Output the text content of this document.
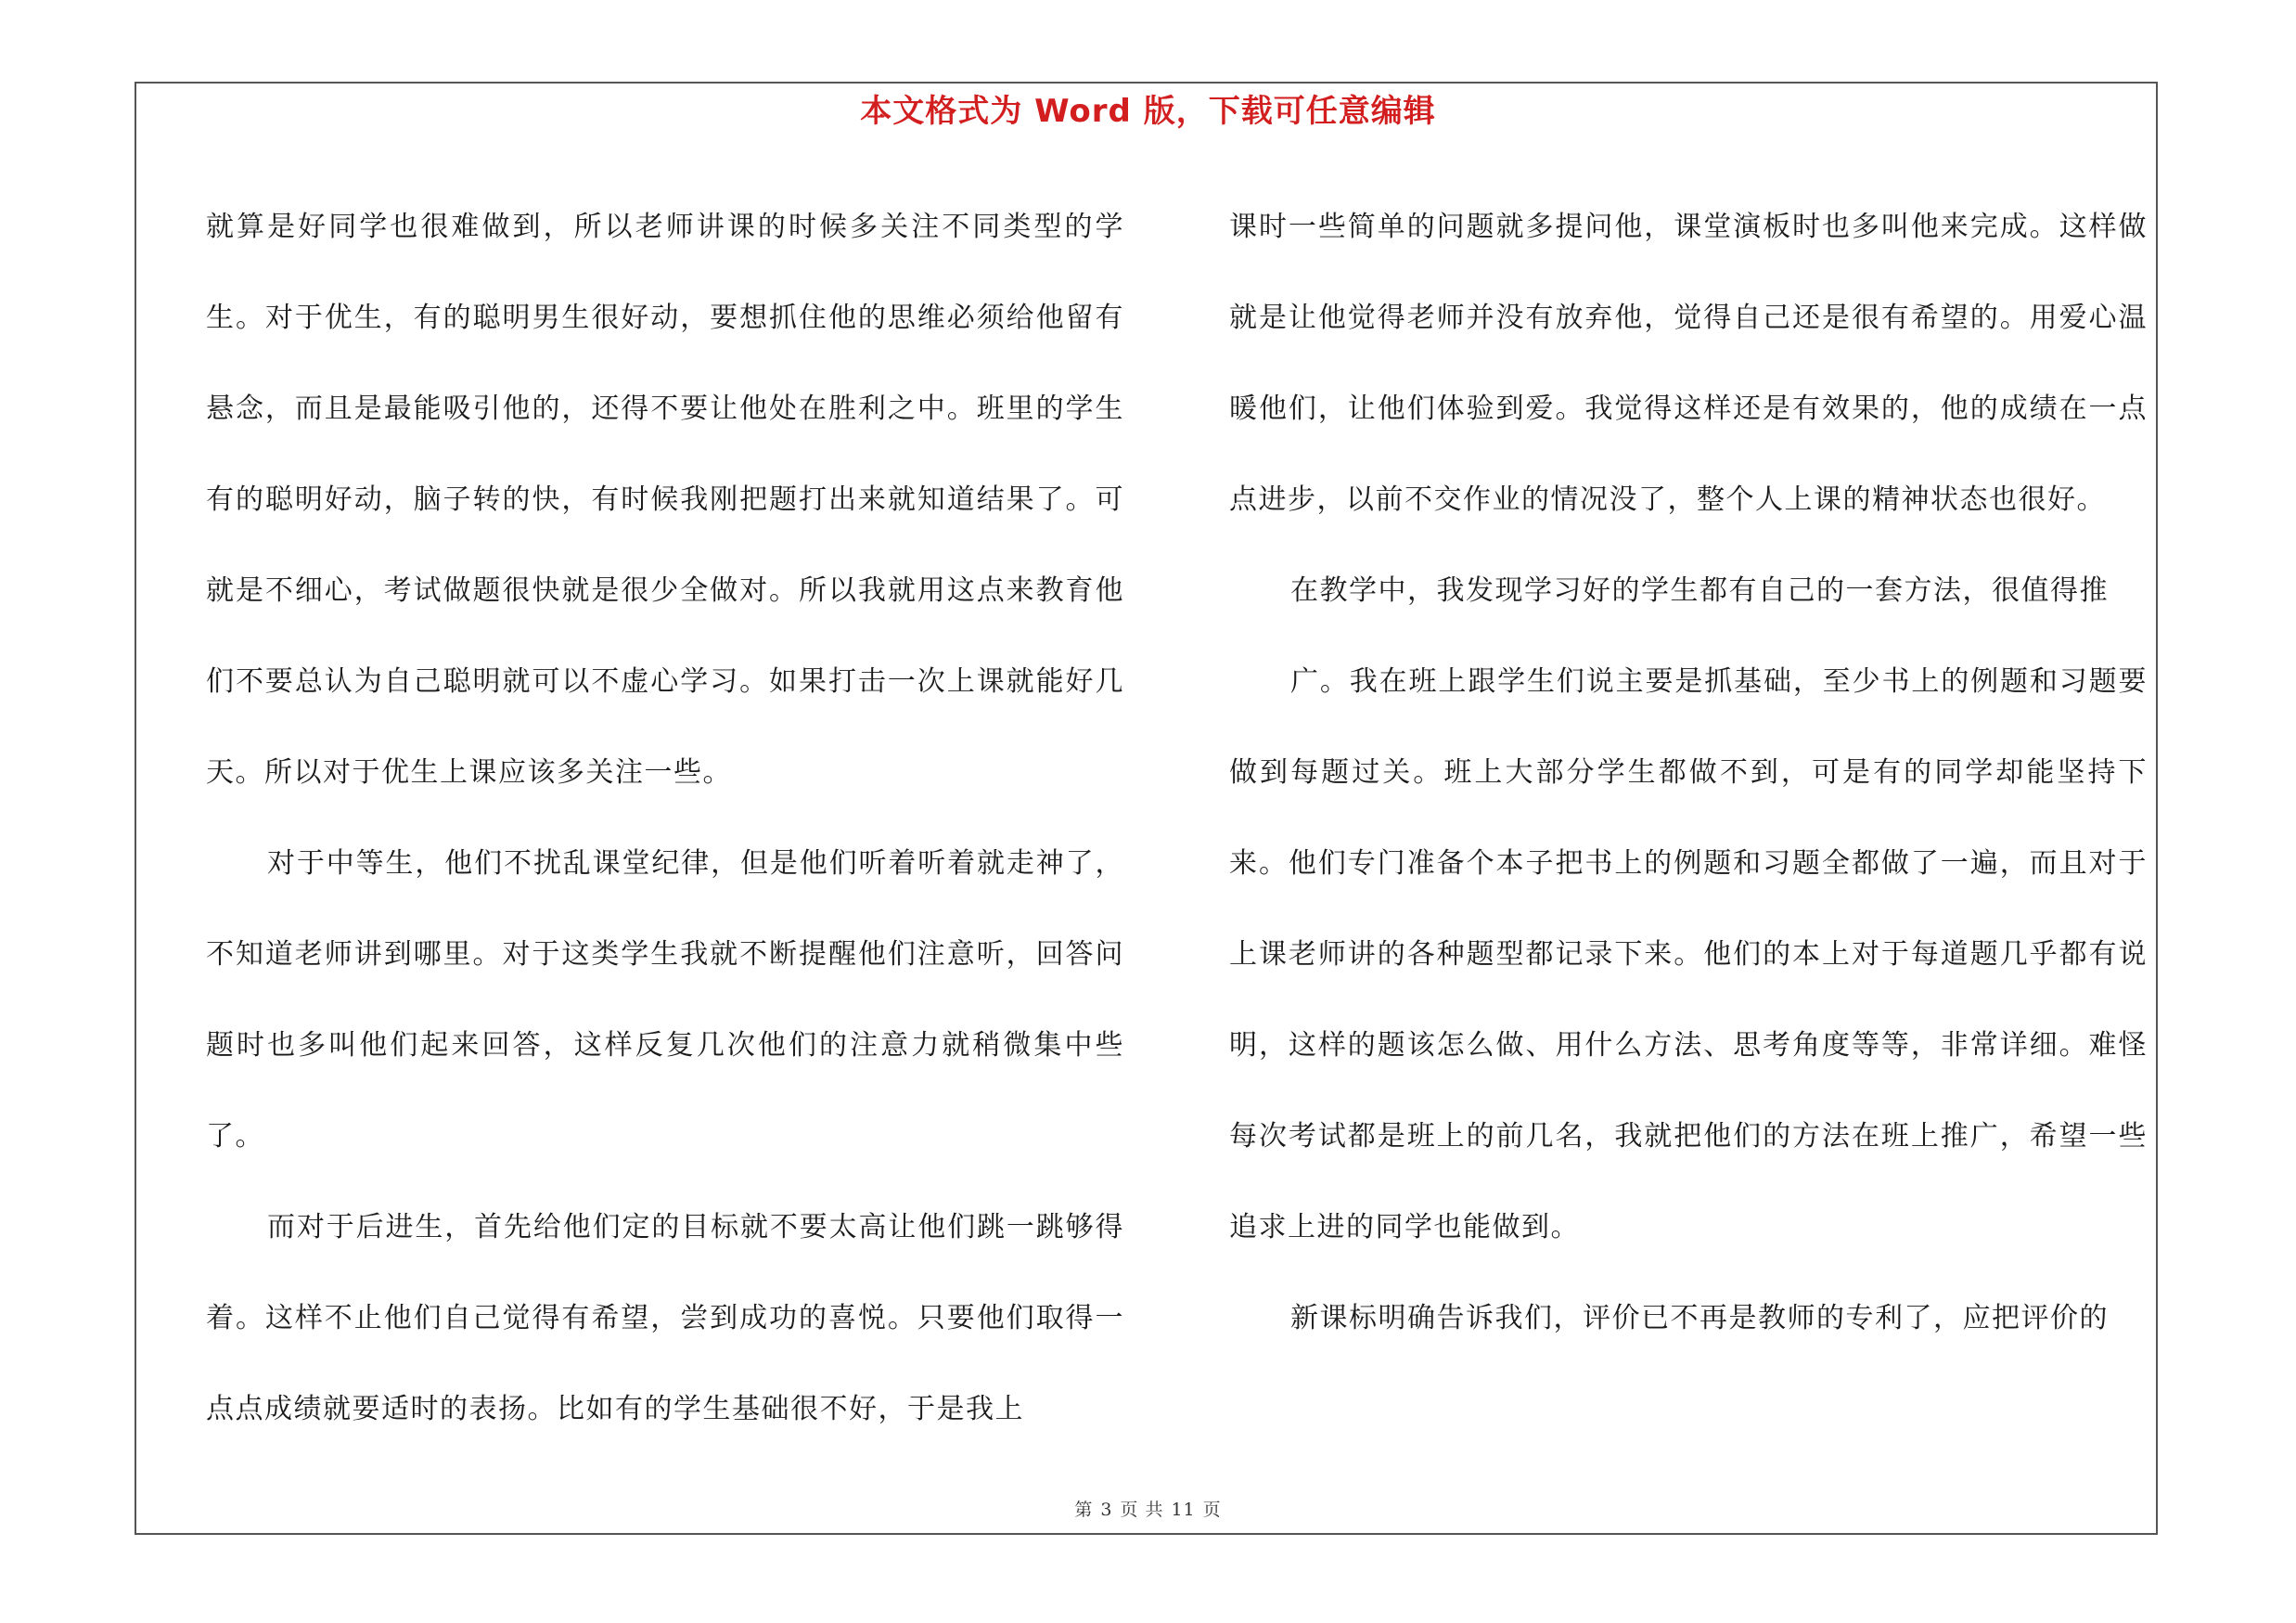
本文格式为 Word 版，下载可任意编辑

就算是好同学也很难做到，所以老师讲课的时候多关注不同类型的学生。对于优生，有的聪明男生很好动，要想抓住他的思维必须给他留有悬念，而且是最能吸引他的，还得不要让他处在胜利之中。班里的学生有的聪明好动，脑子转的快，有时候我刚把题打出来就知道结果了。可就是不细心，考试做题很快就是很少全做对。所以我就用这点来教育他们不要总认为自己聪明就可以不虚心学习。如果打击一次上课就能好几天。所以对于优生上课应该多关注一些。

对于中等生，他们不扰乱课堂纪律，但是他们听着听着就走神了，不知道老师讲到哪里。对于这类学生我就不断提醒他们注意听，回答问题时也多叫他们起来回答，这样反复几次他们的注意力就稍微集中些了。

而对于后进生，首先给他们定的目标就不要太高让他们跳一跳够得着。这样不止他们自己觉得有希望，尝到成功的喜悦。只要他们取得一点点成绩就要适时的表扬。比如有的学生基础很不好，于是我上

课时一些简单的问题就多提问他，课堂演板时也多叫他来完成。这样做就是让他觉得老师并没有放弃他，觉得自己还是很有希望的。用爱心温暖他们，让他们体验到爱。我觉得这样还是有效果的，他的成绩在一点点进步，以前不交作业的情况没了，整个人上课的精神状态也很好。

在教学中，我发现学习好的学生都有自己的一套方法，很值得推

广。我在班上跟学生们说主要是抓基础，至少书上的例题和习题要做到每题过关。班上大部分学生都做不到，可是有的同学却能坚持下来。他们专门准备个本子把书上的例题和习题全都做了一遍，而且对于上课老师讲的各种题型都记录下来。他们的本上对于每道题几乎都有说明，这样的题该怎么做、用什么方法、思考角度等等，非常详细。难怪每次考试都是班上的前几名，我就把他们的方法在班上推广，希望一些追求上进的同学也能做到。

新课标明确告诉我们，评价已不再是教师的专利了，应把评价的

第 3 页 共 11 页
